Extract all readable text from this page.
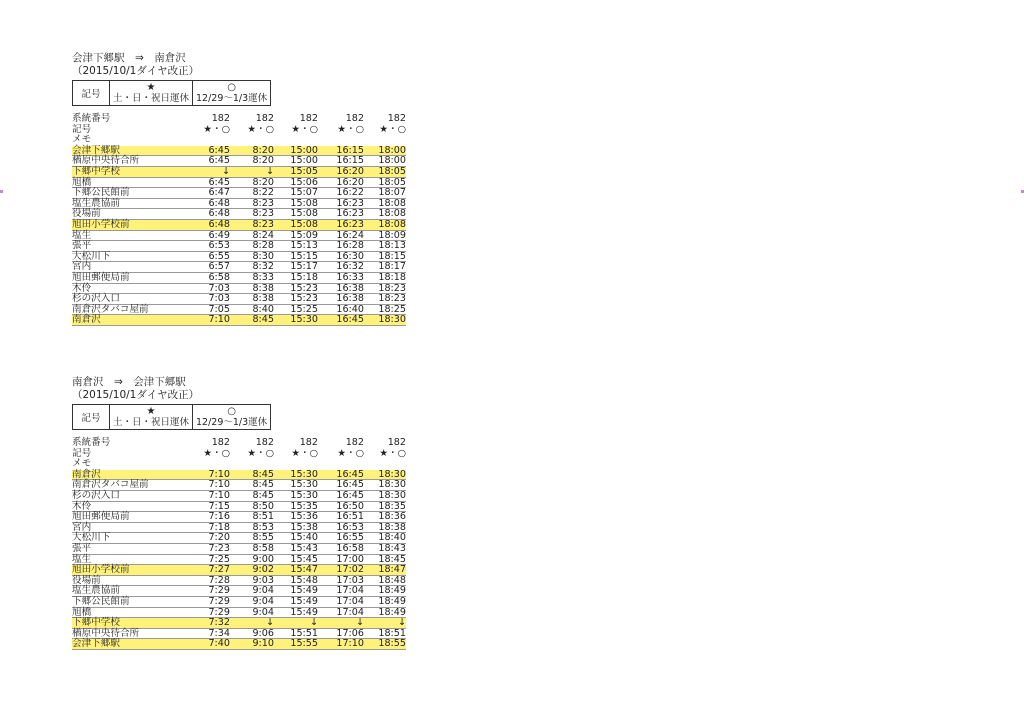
会津下郷駅　⇒　南倉沢
（2015/10/1ダイヤ改正）
記号	
★
土・日・祝日運休

○
12/29〜1/3運休
系統番号	182	182	182	182	182
記号	★・○	★・○	★・○	★・○	★・○
メモ
会津下郷駅	6:45	8:20	15:00	16:15	18:00
楢原中央待合所	6:45	8:20	15:00	16:15	18:00
下郷中学校	↓	↓	15:05	16:20	18:05
旭橋	6:45	8:20	15:06	16:20	18:05
下郷公民館前	6:47	8:22	15:07	16:22	18:07
塩生農協前	6:48	8:23	15:08	16:23	18:08
役場前	6:48	8:23	15:08	16:23	18:08
旭田小学校前	6:48	8:23	15:08	16:23	18:08
塩生	6:49	8:24	15:09	16:24	18:09
張平	6:53	8:28	15:13	16:28	18:13
大松川下	6:55	8:30	15:15	16:30	18:15
宮内	6:57	8:32	15:17	16:32	18:17
旭田郵便局前	6:58	8:33	15:18	16:33	18:18
木伶	7:03	8:38	15:23	16:38	18:23
杉の沢入口	7:03	8:38	15:23	16:38	18:23
南倉沢タバコ屋前	7:05	8:40	15:25	16:40	18:25
南倉沢	7:10	8:45	15:30	16:45	18:30
南倉沢　⇒　会津下郷駅
（2015/10/1ダイヤ改正）
記号	
★
土・日・祝日運休

○
12/29〜1/3運休
系統番号	182	182	182	182	182
記号	★・○	★・○	★・○	★・○	★・○
メモ
南倉沢	7:10	8:45	15:30	16:45	18:30
南倉沢タバコ屋前	7:10	8:45	15:30	16:45	18:30
杉の沢入口	7:10	8:45	15:30	16:45	18:30
木伶	7:15	8:50	15:35	16:50	18:35
旭田郵便局前	7:16	8:51	15:36	16:51	18:36
宮内	7:18	8:53	15:38	16:53	18:38
大松川下	7:20	8:55	15:40	16:55	18:40
張平	7:23	8:58	15:43	16:58	18:43
塩生	7:25	9:00	15:45	17:00	18:45
旭田小学校前	7:27	9:02	15:47	17:02	18:47
役場前	7:28	9:03	15:48	17:03	18:48
塩生農協前	7:29	9:04	15:49	17:04	18:49
下郷公民館前	7:29	9:04	15:49	17:04	18:49
旭橋	7:29	9:04	15:49	17:04	18:49
下郷中学校	7:32	↓	↓	↓	↓
楢原中央待合所	7:34	9:06	15:51	17:06	18:51
会津下郷駅	7:40	9:10	15:55	17:10	18:55
